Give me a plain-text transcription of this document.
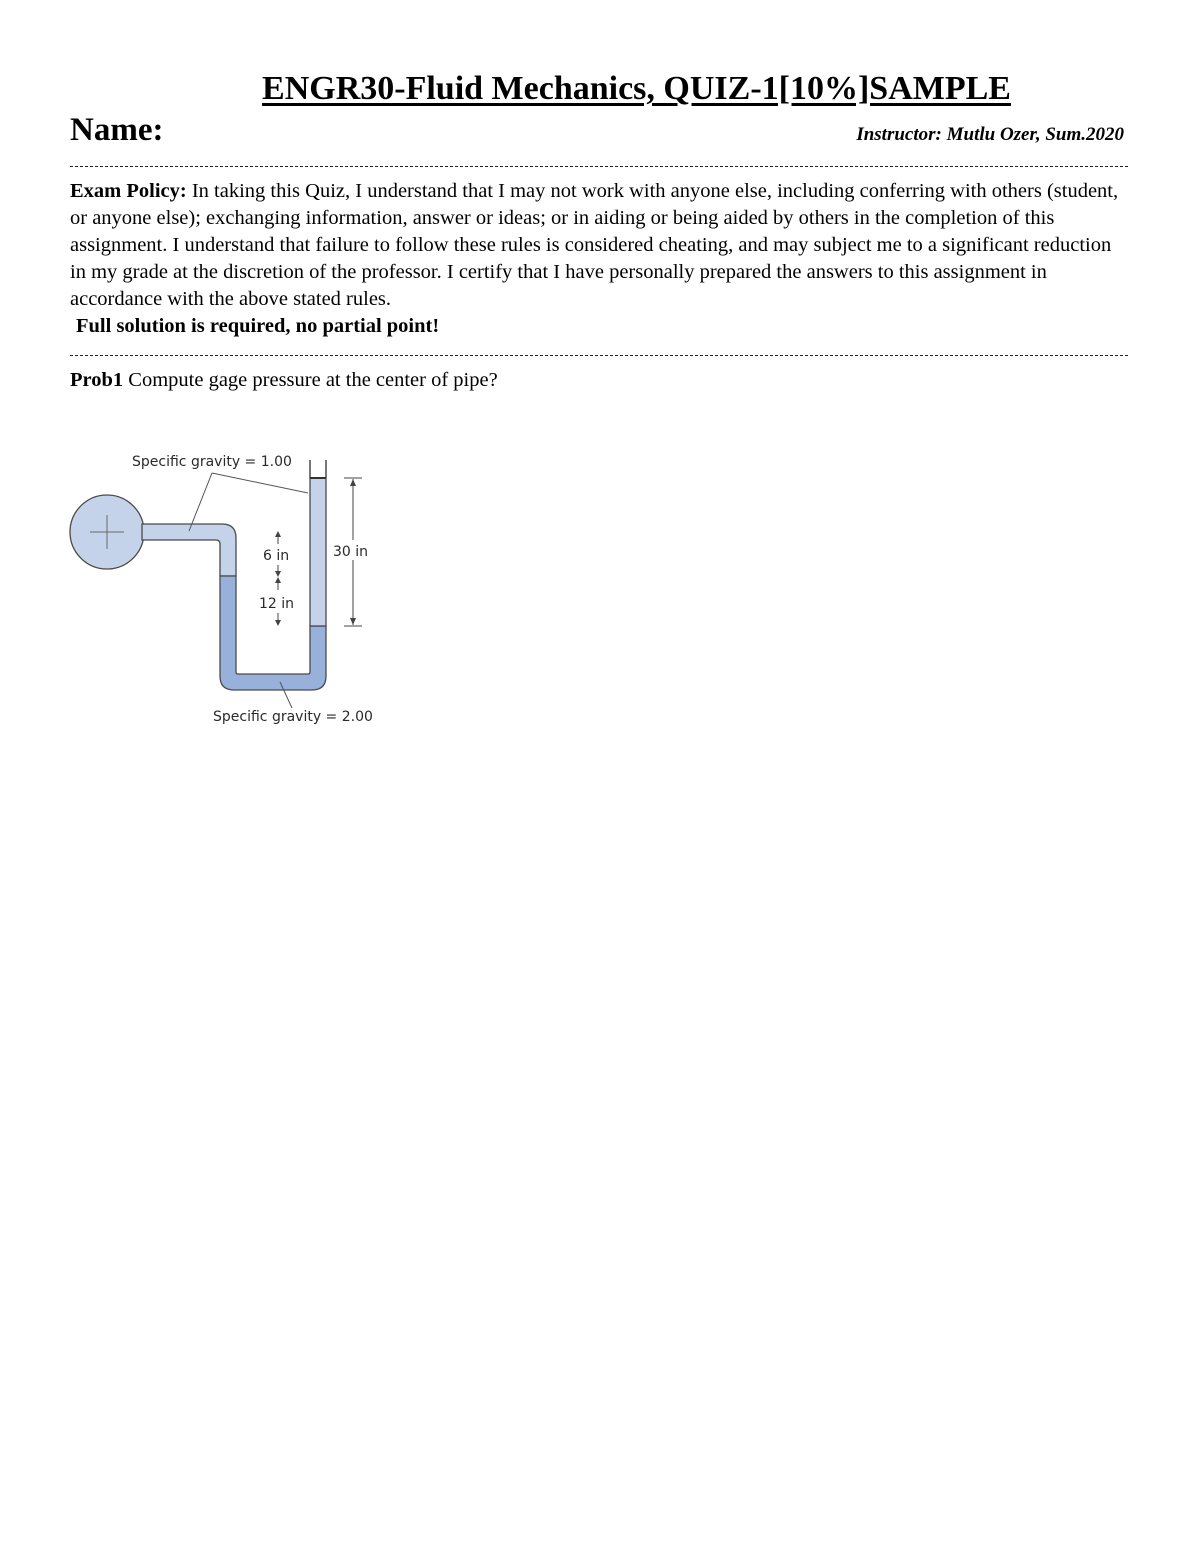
ENGR30-Fluid Mechanics, QUIZ-1[10%]SAMPLE
Name:	Instructor: Mutlu Ozer, Sum.2020
Exam Policy: In taking this Quiz, I understand that I may not work with anyone else, including conferring with others (student, or anyone else); exchanging information, answer or ideas; or in aiding or being aided by others in the completion of this assignment. I understand that failure to follow these rules is considered cheating, and may subject me to a significant reduction in my grade at the discretion of the professor. I certify that I have personally prepared the answers to this assignment in accordance with the above stated rules.
Full solution is required, no partial point!
Prob1 Compute gage pressure at the center of pipe?
Specific gravity = 1.00
6 in
12 in
30 in
Specific gravity = 2.00
